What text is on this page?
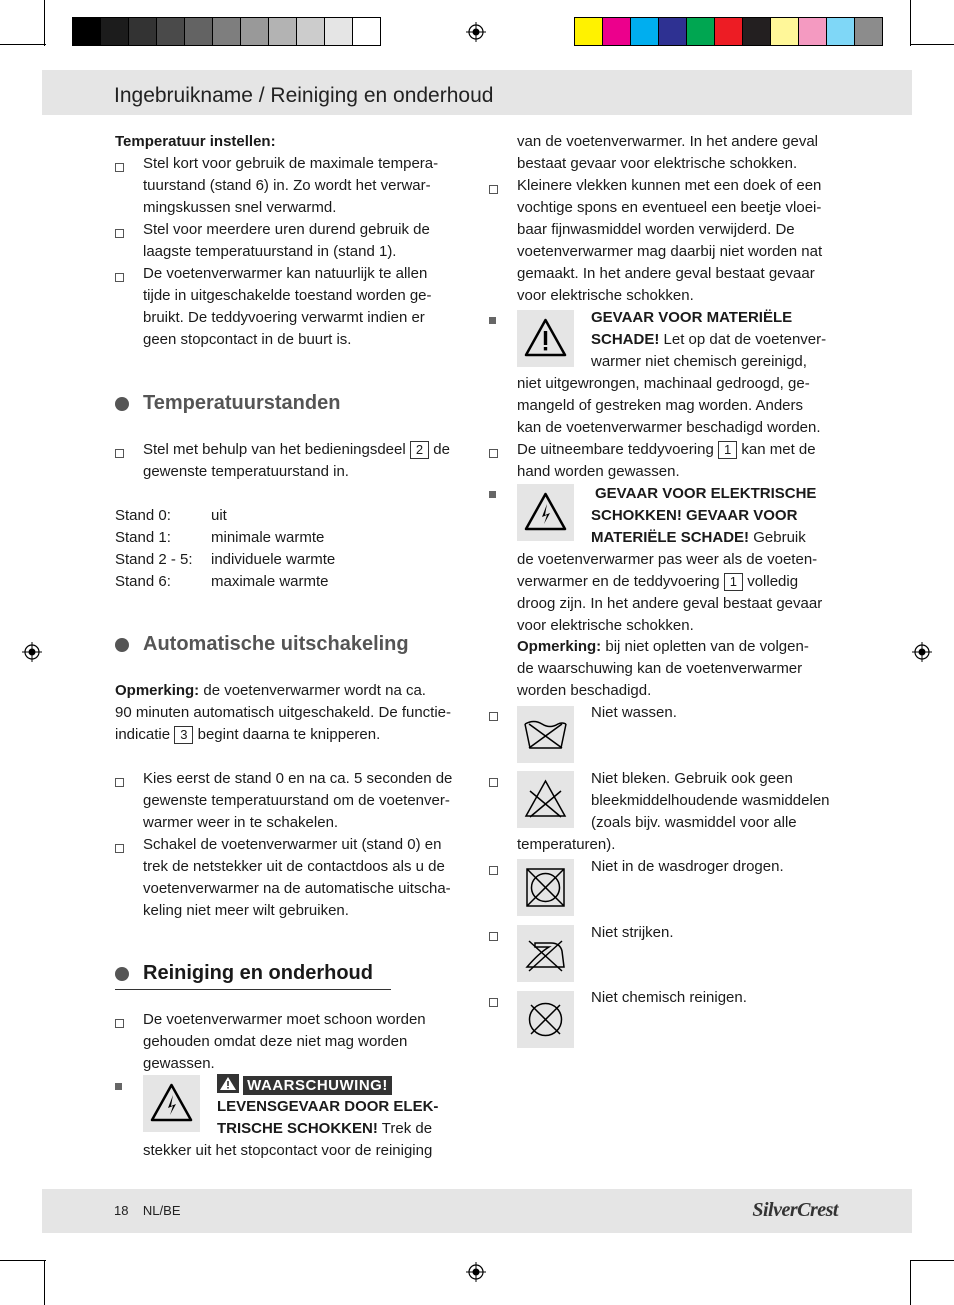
Ingebruikname / Reiniging en onderhoud
Temperatuur instellen:
Stel kort voor gebruik de maximale tempera-
tuurstand (stand 6) in. Zo wordt het verwar-
mingskussen snel verwarmd.
Stel voor meerdere uren durend gebruik de
laagste temperatuurstand in (stand 1).
De voetenverwarmer kan natuurlijk te allen
tijde in uitgeschakelde toestand worden ge-
bruikt. De teddyvoering verwarmt indien er
geen stopcontact in de buurt is.
Temperatuurstanden
Stel met behulp van het bedieningsdeel 2 de
gewenste temperatuurstand in.
Stand 0:	uit
Stand 1:	minimale warmte
Stand 2 - 5: individuele warmte
Stand 6:	maximale warmte
Automatische uitschakeling
Opmerking: de voetenverwarmer wordt na ca.
90 minuten automatisch uitgeschakeld. De functie-
indicatie 3 begint daarna te knipperen.
Kies eerst de stand 0 en na ca. 5 seconden de
gewenste temperatuurstand om de voetenver-
warmer weer in te schakelen.
Schakel de voetenverwarmer uit (stand 0) en
trek de netstekker uit de contactdoos als u de
voetenverwarmer na de automatische uitscha-
keling niet meer wilt gebruiken.
Reiniging en onderhoud
De voetenverwarmer moet schoon worden
gehouden omdat deze niet mag worden
gewassen.
WAARSCHUWING!
LEVENSGEVAAR DOOR ELEK-
TRISCHE SCHOKKEN! Trek de
stekker uit het stopcontact voor de reiniging
van de voetenverwarmer. In het andere geval
bestaat gevaar voor elektrische schokken.
Kleinere vlekken kunnen met een doek of een
vochtige spons en eventueel een beetje vloei-
baar fijnwasmiddel worden verwijderd. De
voetenverwarmer mag daarbij niet worden nat
gemaakt. In het andere geval bestaat gevaar
voor elektrische schokken.
GEVAAR VOOR MATERIËLE
SCHADE! Let op dat de voetenver-
warmer niet chemisch gereinigd,
niet uitgewrongen, machinaal gedroogd, ge-
mangeld of gestreken mag worden. Anders
kan de voetenverwarmer beschadigd worden.
De uitneembare teddyvoering 1 kan met de
hand worden gewassen.
GEVAAR VOOR ELEKTRISCHE
SCHOKKEN! GEVAAR VOOR
MATERIËLE SCHADE! Gebruik
de voetenverwarmer pas weer als de voeten-
verwarmer en de teddyvoering 1 volledig
droog zijn. In het andere geval bestaat gevaar
voor elektrische schokken.
Opmerking: bij niet opletten van de volgen-
de waarschuwing kan de voetenverwarmer
worden beschadigd.
Niet wassen.
Niet bleken. Gebruik ook geen
bleekmiddelhoudende wasmiddelen
(zoals bijv. wasmiddel voor alle
temperaturen).
Niet in de wasdroger drogen.
Niet strijken.
Niet chemisch reinigen.
18 NL/BE	SilverCrest
